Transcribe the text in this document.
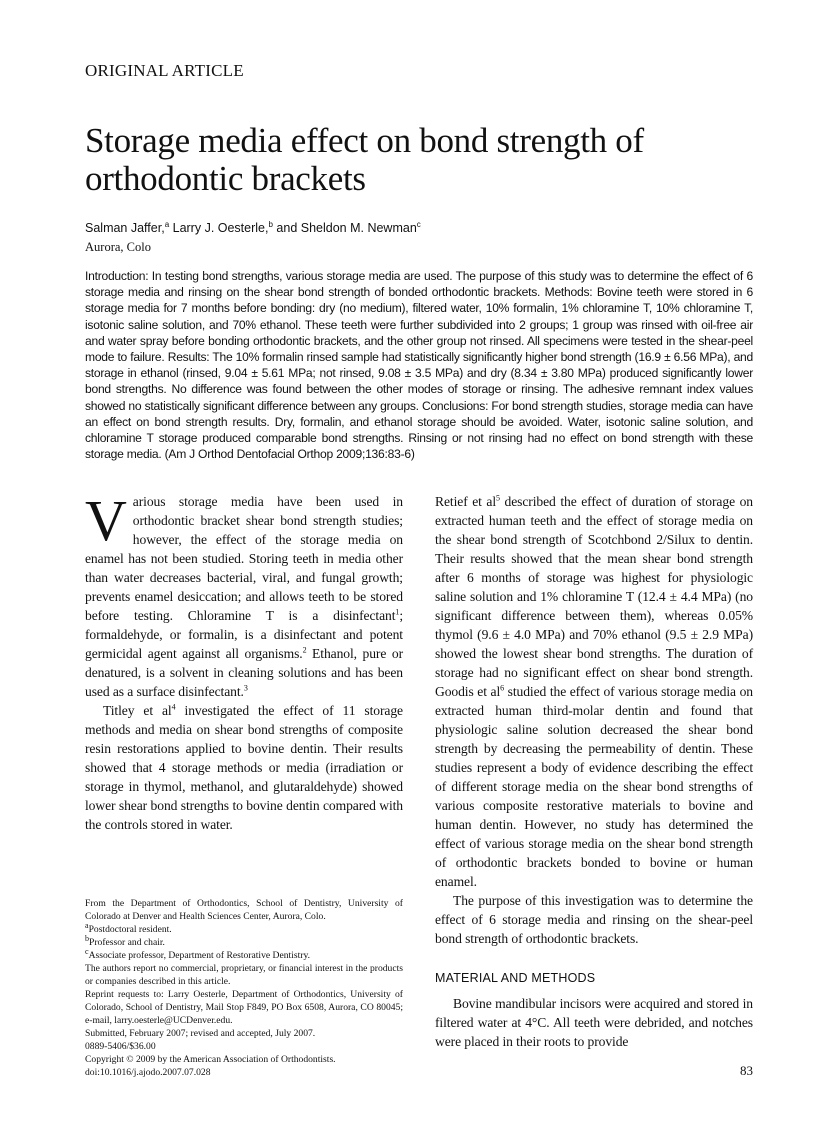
ORIGINAL ARTICLE
Storage media effect on bond strength of orthodontic brackets
Salman Jaffer,$^a$ Larry J. Oesterle,$^b$ and Sheldon M. Newman$^c$
Aurora, Colo
Introduction: In testing bond strengths, various storage media are used. The purpose of this study was to determine the effect of 6 storage media and rinsing on the shear bond strength of bonded orthodontic brackets. Methods: Bovine teeth were stored in 6 storage media for 7 months before bonding: dry (no medium), filtered water, 10% formalin, 1% chloramine T, 10% chloramine T, isotonic saline solution, and 70% ethanol. These teeth were further subdivided into 2 groups; 1 group was rinsed with oil-free air and water spray before bonding orthodontic brackets, and the other group not rinsed. All specimens were tested in the shear-peel mode to failure. Results: The 10% formalin rinsed sample had statistically significantly higher bond strength (16.9 ± 6.56 MPa), and storage in ethanol (rinsed, 9.04 ± 5.61 MPa; not rinsed, 9.08 ± 3.5 MPa) and dry (8.34 ± 3.80 MPa) produced significantly lower bond strengths. No difference was found between the other modes of storage or rinsing. The adhesive remnant index values showed no statistically significant difference between any groups. Conclusions: For bond strength studies, storage media can have an effect on bond strength results. Dry, formalin, and ethanol storage should be avoided. Water, isotonic saline solution, and chloramine T storage produced comparable bond strengths. Rinsing or not rinsing had no effect on bond strength with these storage media. (Am J Orthod Dentofacial Orthop 2009;136:83-6)

Various storage media have been used in orthodontic bracket shear bond strength studies; however, the effect of the storage media on enamel has not been studied. Storing teeth in media other than water decreases bacterial, viral, and fungal growth; prevents enamel desiccation; and allows teeth to be stored before testing. Chloramine T is a disinfectant$^1$; formaldehyde, or formalin, is a disinfectant and potent germicidal agent against all organisms.$^2$ Ethanol, pure or denatured, is a solvent in cleaning solutions and has been used as a surface disinfectant.$^3$

Titley et $al^4$ investigated the effect of 11 storage methods and media on shear bond strengths of composite resin restorations applied to bovine dentin. Their results showed that 4 storage methods or media (irradiation or storage in thymol, methanol, and glutaraldehyde) showed lower shear bond strengths to bovine dentin compared with the controls stored in water.

From the Department of Orthodontics, School of Dentistry, University of Colorado at Denver and Health Sciences Center, Aurora, Colo.

$^a$Postdoctoral resident.

$^b$Professor and chair.

$^c$Associate professor, Department of Restorative Dentistry.

The authors report no commercial, proprietary, or financial interest in the products or companies described in this article.

Reprint requests to: Larry Oesterle, Department of Orthodontics, University of Colorado, School of Dentistry, Mail Stop F849, PO Box 6508, Aurora, CO 80045; e-mail, larry.oesterle@UCDenver.edu.

Submitted, February 2007; revised and accepted, July 2007.

0889-5406/$36.00

Copyright © 2009 by the American Association of Orthodontists.

doi:10.1016/j.ajodo.2007.07.028

Retief et $al^5$ described the effect of duration of storage on extracted human teeth and the effect of storage media on the shear bond strength of Scotchbond 2/Silux to dentin. Their results showed that the mean shear bond strength after 6 months of storage was highest for physiologic saline solution and 1% chloramine T (12.4 ± 4.4 MPa) (no significant difference between them), whereas 0.05% thymol (9.6 ± 4.0 MPa) and 70% ethanol (9.5 ± 2.9 MPa) showed the lowest shear bond strengths. The duration of storage had no significant effect on shear bond strength. Goodis et $al^6$ studied the effect of various storage media on extracted human third-molar dentin and found that physiologic saline solution decreased the shear bond strength by decreasing the permeability of dentin. These studies represent a body of evidence describing the effect of different storage media on the shear bond strengths of various composite restorative materials to bovine and human dentin. However, no study has determined the effect of various storage media on the shear bond strength of orthodontic brackets bonded to bovine or human enamel.

The purpose of this investigation was to determine the effect of 6 storage media and rinsing on the shear-peel bond strength of orthodontic brackets.

MATERIAL AND METHODS

Bovine mandibular incisors were acquired and stored in filtered water at 4°C. All teeth were debrided, and notches were placed in their roots to provide

83
